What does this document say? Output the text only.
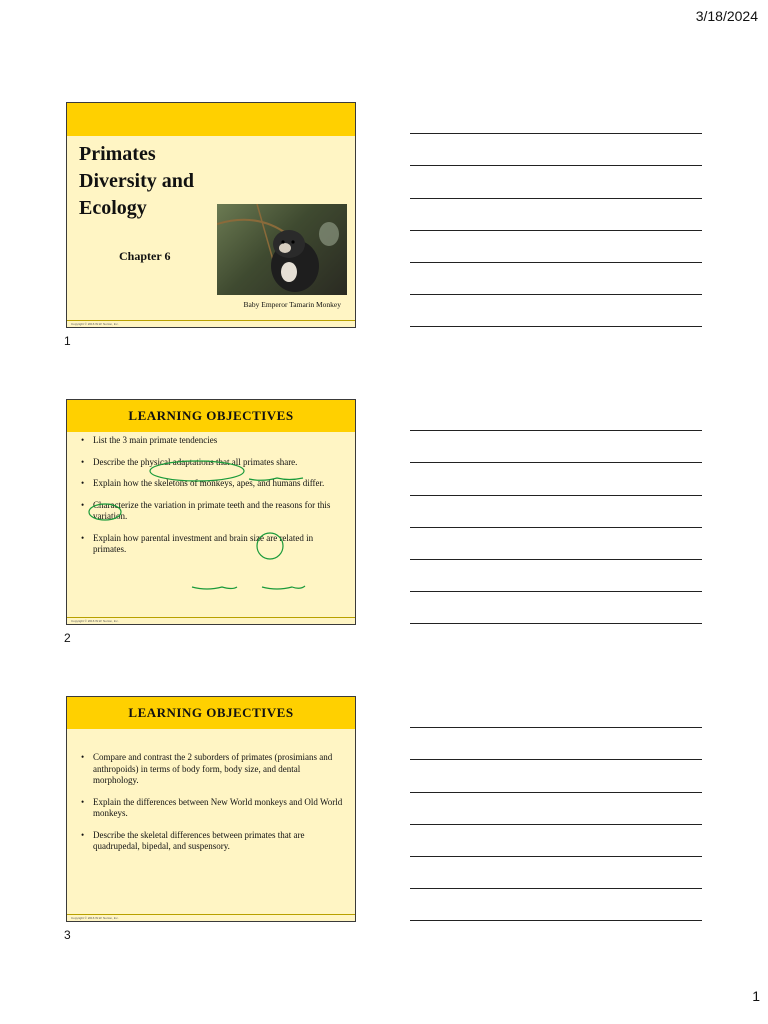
3/18/2024
Primates
Diversity and
Ecology
Chapter 6
Baby Emperor Tamarin Monkey
Copyright © 2016 W.W. Norton, Inc.
1
LEARNING OBJECTIVES
• List the 3 main primate tendencies
• Describe the physical adaptations that all primates share.
• Explain how the skeletons of monkeys, apes, and humans differ.
• Characterize the variation in primate teeth and the reasons for this variation.
• Explain how parental investment and brain size are related in primates.
Copyright © 2016 W.W. Norton, Inc.
2
LEARNING OBJECTIVES
• Compare and contrast the 2 suborders of primates (prosimians and anthropoids) in terms of body form, body size, and dental morphology.
• Explain the differences between New World monkeys and Old World monkeys.
• Describe the skeletal differences between primates that are quadrupedal, bipedal, and suspensory.
Copyright © 2016 W.W. Norton, Inc.
3
1
